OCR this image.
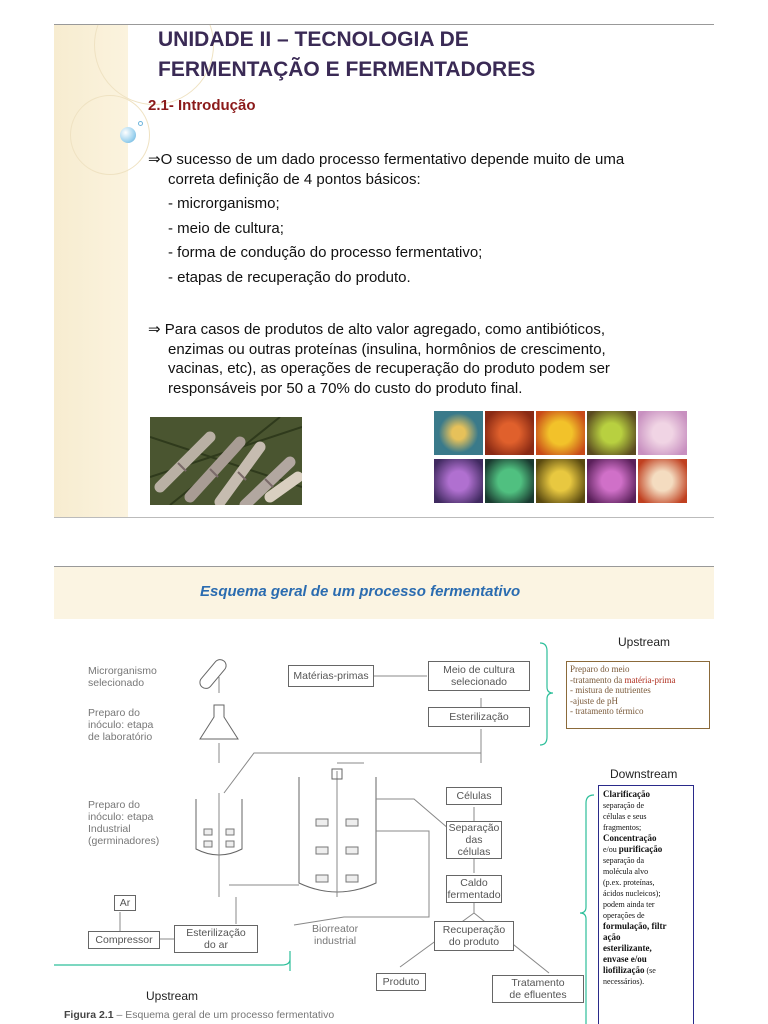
UNIDADE II – TECNOLOGIA DE
FERMENTAÇÃO E FERMENTADORES
2.1- Introdução
⇒O sucesso de um dado processo fermentativo depende muito de uma
correta definição de 4 pontos básicos:
- microrganismo;
- meio de cultura;
- forma de condução do processo fermentativo;
- etapas de recuperação do produto.
⇒ Para casos de produtos de alto valor agregado, como antibióticos,
enzimas ou outras proteínas (insulina, hormônios de crescimento,
vacinas, etc), as operações de recuperação do produto podem ser
responsáveis por 50 a 70% do custo do produto final.
Esquema geral de um processo fermentativo
Microrganismo
selecionado
Preparo do
inóculo: etapa
de laboratório
Preparo do
inóculo: etapa
Industrial
(germinadores)
Biorreator
industrial
Matérias-primas	Meio de cultura
selecionado
Esterilização
Células
Separação
das
células
Caldo
fermentado
Recuperação
do produto
Produto	Tratamento
de efluentes
Ar
Compressor
Esterilização
do ar
Upstream
Downstream
Upstream
Preparo do meio
-tratamento da matéria-prima
- mistura de nutrientes
-ajuste de pH
- tratamento térmico
Clarificação
separação de
células e seus
fragmentos;
Concentração
e/ou purificação
separação da
molécula alvo
(p.ex. proteínas,
ácidos nucleicos);
podem ainda ter
operações de
formulação, filtr
ação
esterilizante,
envase e/ou
liofilização (se
necessários).
Figura 2.1 – Esquema geral de um processo fermentativo
